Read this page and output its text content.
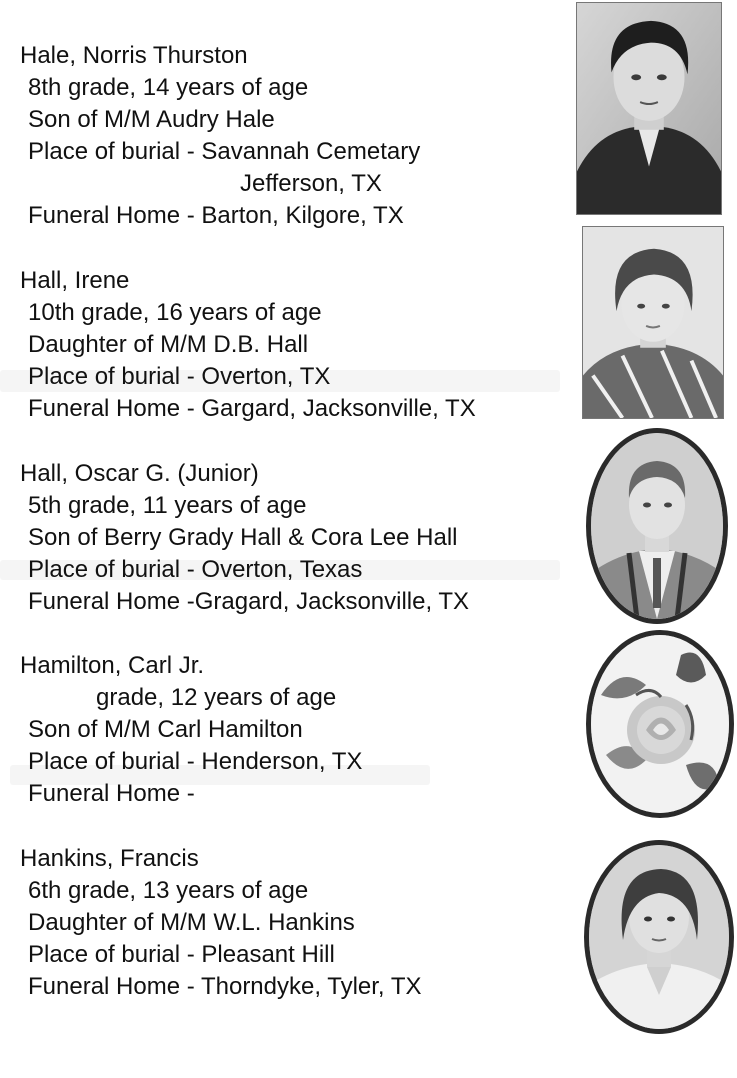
Hale, Norris Thurston
8th grade, 14 years of age
Son of M/M Audry Hale
Place of burial - Savannah Cemetary
Jefferson, TX
Funeral Home - Barton, Kilgore, TX
Hall, Irene
10th grade, 16 years of age
Daughter of M/M D.B. Hall
Place of burial - Overton, TX
Funeral Home - Gargard, Jacksonville, TX
Hall, Oscar G. (Junior)
5th grade, 11 years of age
Son of Berry Grady Hall & Cora Lee Hall
Place of burial - Overton, Texas
Funeral Home -Gragard, Jacksonville, TX
Hamilton, Carl Jr.
grade, 12 years of age
Son of M/M Carl Hamilton
Place of burial - Henderson, TX
Funeral Home -
Hankins, Francis
6th grade, 13 years of age
Daughter of M/M W.L. Hankins
Place of burial - Pleasant Hill
Funeral Home - Thorndyke, Tyler, TX
